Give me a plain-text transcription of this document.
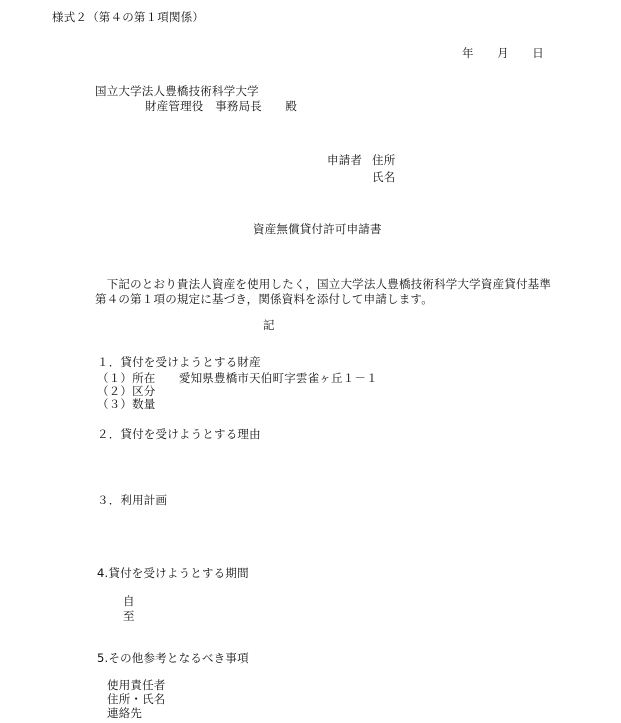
様式２（第４の第１項関係）
年　　月　　日
国立大学法人豊橋技術科学大学
財産管理役　事務局長　　殿
申請者 住所
氏名
資産無償貸付許可申請書
　下記のとおり貴法人資産を使用したく，国立大学法人豊橋技術科学大学資産貸付基準
第４の第１項の規定に基づき，関係資料を添付して申請します。
記
１．貸付を受けようとする財産
（１）所在　　愛知県豊橋市天伯町字雲雀ヶ丘１－１
（２）区分
（３）数量
２．貸付を受けようとする理由
３．利用計画
4.貸付を受けようとする期間
自
至
5.その他参考となるべき事項
使用責任者
住所・氏名
連絡先
